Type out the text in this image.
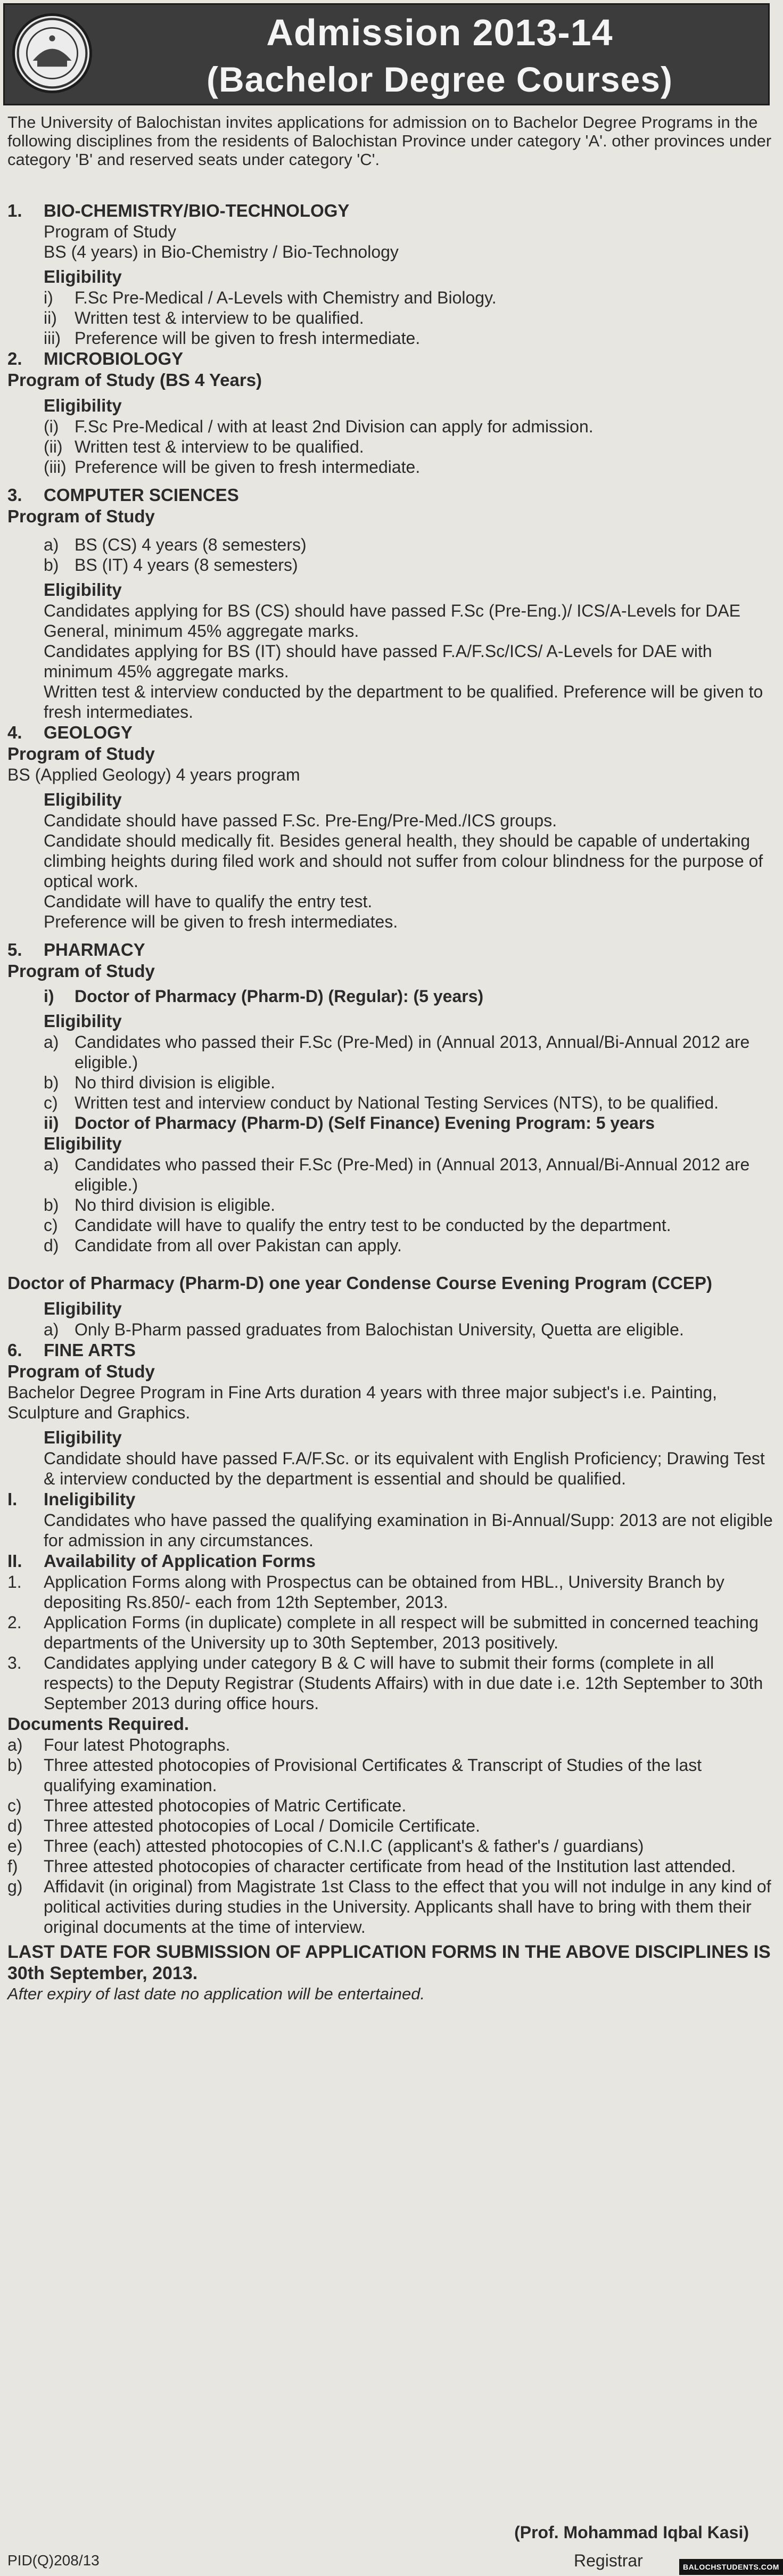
Admission 2013-14
(Bachelor Degree Courses)

The University of Balochistan invites applications for admission on to Bachelor Degree Programs in the following disciplines from the residents of Balochistan Province under category 'A'. other provinces under category 'B' and reserved seats under category 'C'.

1.	BIO-CHEMISTRY/BIO-TECHNOLOGY
Program of Study
BS (4 years) in Bio-Chemistry / Bio-Technology
Eligibility
i)	F.Sc Pre-Medical / A-Levels with Chemistry and Biology.
ii)	Written test & interview to be qualified.
iii) Preference will be given to fresh intermediate.
2.	MICROBIOLOGY
Program of Study (BS 4 Years)
Eligibility
(i) F.Sc Pre-Medical / with at least 2nd Division can apply for admission.
(ii) Written test & interview to be qualified.
(iii) Preference will be given to fresh intermediate.
3.	COMPUTER SCIENCES
Program of Study
a) BS (CS) 4 years (8 semesters)
b) BS (IT) 4 years (8 semesters)
Eligibility

Candidates applying for BS (CS) should have passed F.Sc (Pre-Eng.)/ ICS/A-Levels for DAE General, minimum 45% aggregate marks.

Candidates applying for BS (IT) should have passed F.A/F.Sc/ICS/ A-Levels for DAE with minimum 45% aggregate marks.

Written test & interview conducted by the department to be qualified. Preference will be given to fresh intermediates.

4.	GEOLOGY
Program of Study
BS (Applied Geology) 4 years program
Eligibility

Candidate should have passed F.Sc. Pre-Eng/Pre-Med./ICS groups.

Candidate should medically fit. Besides general health, they should be capable of undertaking climbing heights during filed work and should not suffer from colour blindness for the purpose of optical work.

Candidate will have to qualify the entry test.

Preference will be given to fresh intermediates.

5.	PHARMACY
Program of Study
i)	Doctor of Pharmacy (Pharm-D) (Regular): (5 years)
Eligibility
a) Candidates who passed their F.Sc (Pre-Med) in (Annual 2013, Annual/Bi-Annual 2012 are eligible.)
b) No third division is eligible.
c) Written test and interview conduct by National Testing Services (NTS), to be qualified.
ii) Doctor of Pharmacy (Pharm-D) (Self Finance) Evening Program: 5 years
Eligibility
a) Candidates who passed their F.Sc (Pre-Med) in (Annual 2013, Annual/Bi-Annual 2012 are eligible.)
b) No third division is eligible.
c) Candidate will have to qualify the entry test to be conducted by the department.
d) Candidate from all over Pakistan can apply.
Doctor of Pharmacy (Pharm-D) one year Condense Course Evening Program (CCEP)
Eligibility
a) Only B-Pharm passed graduates from Balochistan University, Quetta are eligible.
6.	FINE ARTS
Program of Study

Bachelor Degree Program in Fine Arts duration 4 years with three major subject's i.e. Painting, Sculpture and Graphics.

Eligibility

Candidate should have passed F.A/F.Sc. or its equivalent with English Proficiency; Drawing Test & interview conducted by the department is essential and should be qualified.

I.	Ineligibility

Candidates who have passed the qualifying examination in Bi-Annual/Supp: 2013 are not eligible for admission in any circumstances.

II.	Availability of Application Forms
1.	Application Forms along with Prospectus can be obtained from HBL., University Branch by depositing Rs.850/- each from 12th September, 2013.
2.	Application Forms (in duplicate) complete in all respect will be submitted in concerned teaching departments of the University up to 30th September, 2013 positively.
3.	Candidates applying under category B & C will have to submit their forms (complete in all respects) to the Deputy Registrar (Students Affairs) with in due date i.e. 12th September to 30th September 2013 during office hours.
Documents Required.
a)	Four latest Photographs.
b)	Three attested photocopies of Provisional Certificates & Transcript of Studies of the last qualifying examination.
c)	Three attested photocopies of Matric Certificate.
d)	Three attested photocopies of Local / Domicile Certificate.
e)	Three (each) attested photocopies of C.N.I.C (applicant's & father's / guardians)
f)	Three attested photocopies of character certificate from head of the Institution last attended.
g)	Affidavit (in original) from Magistrate 1st Class to the effect that you will not indulge in any kind of political activities during studies in the University. Applicants shall have to bring with them their original documents at the time of interview.

LAST DATE FOR SUBMISSION OF APPLICATION FORMS IN THE ABOVE DISCIPLINES IS 30th September, 2013.

After expiry of last date no application will be entertained.

(Prof. Mohammad Iqbal Kasi)
Registrar
PID(Q)208/13	BALOCHSTUDENTS.COM
